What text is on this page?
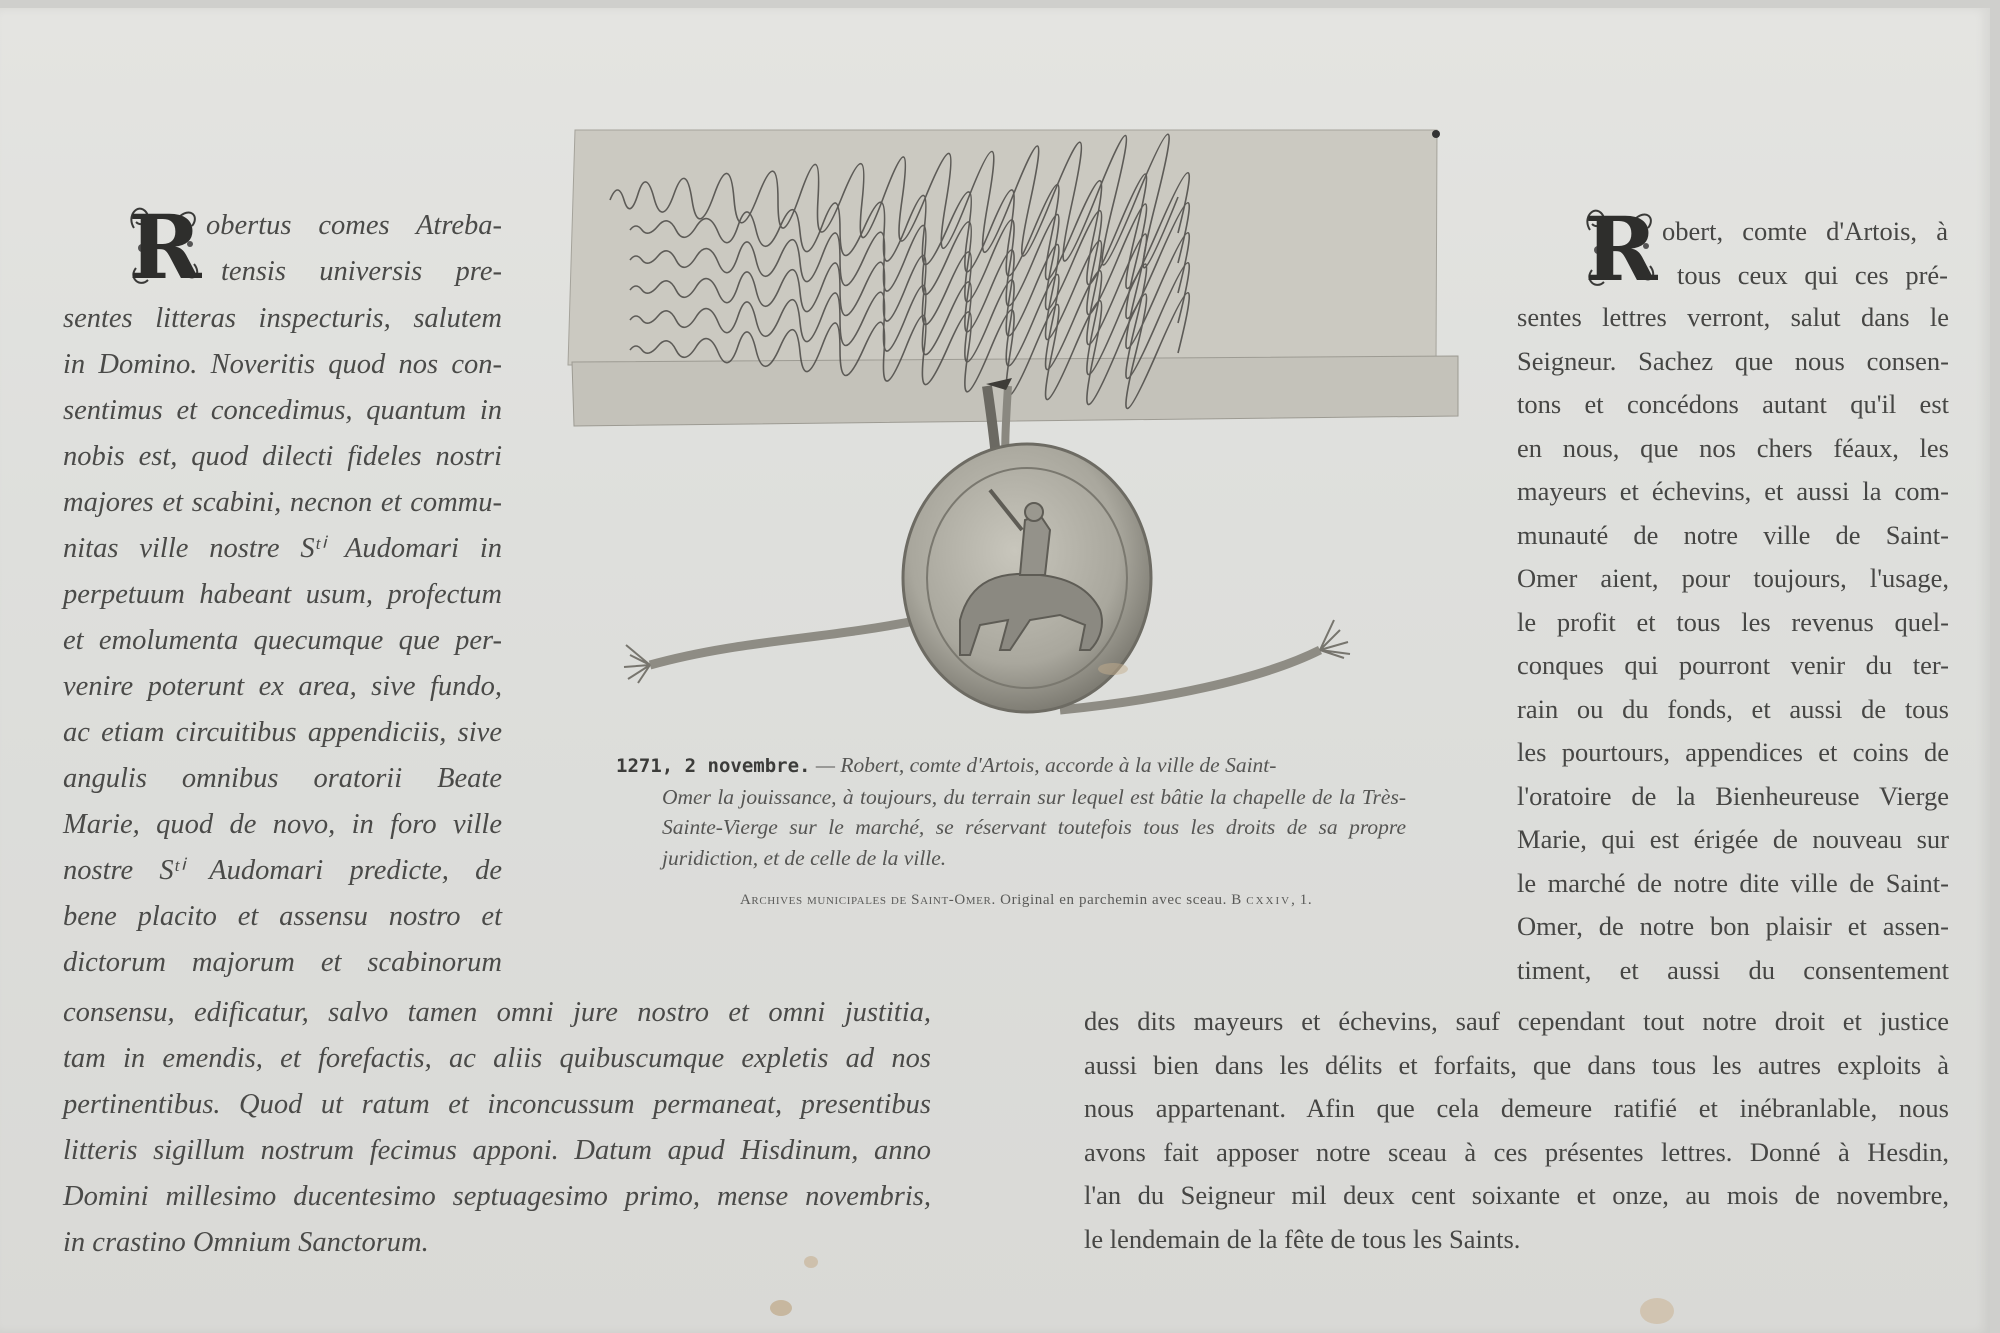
R obertus comes Atreba-

tensis universis pre-

sentes litteras inspecturis, salutem

in Domino. Noveritis quod nos con-

sentimus et concedimus, quantum in

nobis est, quod dilecti fideles nostri

majores et scabini, necnon et commu-

nitas ville nostre Sᵗⁱ Audomari in

perpetuum habeant usum, profectum

et emolumenta quecumque que per-

venire poterunt ex area, sive fundo,

ac etiam circuitibus appendiciis, sive

angulis omnibus oratorii Beate

Marie, quod de novo, in foro ville

nostre Sᵗⁱ Audomari predicte, de

bene placito et assensu nostro et

dictorum majorum et scabinorum

consensu, edificatur, salvo tamen omni jure nostro et omni justitia,

tam in emendis, et forefactis, ac aliis quibuscumque expletis ad nos

pertinentibus. Quod ut ratum et inconcussum permaneat, presentibus

litteris sigillum nostrum fecimus apponi. Datum apud Hisdinum, anno

Domini millesimo ducentesimo septuagesimo primo, mense novembris,

in crastino Omnium Sanctorum.

1271, 2 novembre. — Robert, comte d'Artois, accorde à la ville de Saint-
Omer la jouissance, à toujours, du terrain sur lequel est bâtie la chapelle de la Très-Sainte-Vierge sur le marché, se réservant toutefois tous les droits de sa propre juridiction, et de celle de la ville.
Archives municipales de Saint-Omer. Original en parchemin avec sceau. B cxxiv, 1.
R obert, comte d'Artois, à

tous ceux qui ces pré-

sentes lettres verront, salut dans le

Seigneur. Sachez que nous consen-

tons et concédons autant qu'il est

en nous, que nos chers féaux, les

mayeurs et échevins, et aussi la com-

munauté de notre ville de Saint-

Omer aient, pour toujours, l'usage,

le profit et tous les revenus quel-

conques qui pourront venir du ter-

rain ou du fonds, et aussi de tous

les pourtours, appendices et coins de

l'oratoire de la Bienheureuse Vierge

Marie, qui est érigée de nouveau sur

le marché de notre dite ville de Saint-

Omer, de notre bon plaisir et assen-

timent, et aussi du consentement

des dits mayeurs et échevins, sauf cependant tout notre droit et justice

aussi bien dans les délits et forfaits, que dans tous les autres exploits à

nous appartenant. Afin que cela demeure ratifié et inébranlable, nous

avons fait apposer notre sceau à ces présentes lettres. Donné à Hesdin,

l'an du Seigneur mil deux cent soixante et onze, au mois de novembre,

le lendemain de la fête de tous les Saints.
